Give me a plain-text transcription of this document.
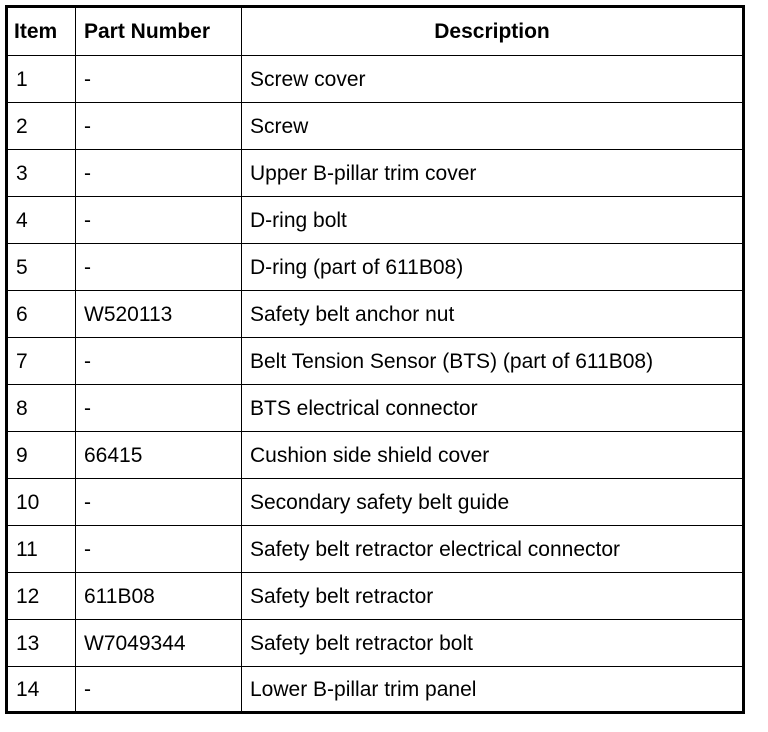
Item	Part Number	Description
1	-	Screw cover
2	-	Screw
3	-	Upper B-pillar trim cover
4	-	D-ring bolt
5	-	D-ring (part of 611B08)
6	W520113	Safety belt anchor nut
7	-	Belt Tension Sensor (BTS) (part of 611B08)
8	-	BTS electrical connector
9	66415	Cushion side shield cover
10	-	Secondary safety belt guide
11	-	Safety belt retractor electrical connector
12	611B08	Safety belt retractor
13	W7049344	Safety belt retractor bolt
14	-	Lower B-pillar trim panel
